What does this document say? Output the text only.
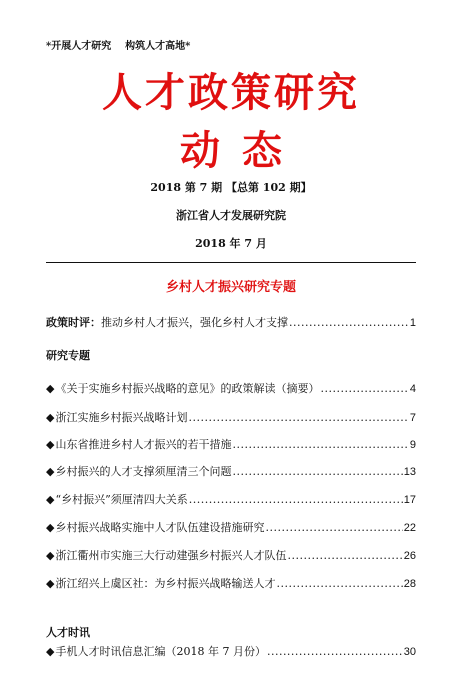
*开展人才研究    构筑人才高地*
人才政策研究
动态
2018 第 7 期 【总第 102 期】
浙江省人才发展研究院
2018 年 7 月
乡村人才振兴研究专题
政策时评： 推动乡村人才振兴，强化乡村人才支撑 .....	1
研究专题
◆ 《关于实施乡村振兴战略的意见》的政策解读（摘要） .....	4
◆ 浙江实施乡村振兴战略计划 .....	7
◆ 山东省推进乡村人才振兴的若干措施 .....	9
◆ 乡村振兴的人才支撑须厘清三个问题 .....	13
◆ “乡村振兴”须厘清四大关系 .....	17
◆ 乡村振兴战略实施中人才队伍建设措施研究 .....	22
◆ 浙江衢州市实施三大行动建强乡村振兴人才队伍 .....	26
◆ 浙江绍兴上虞区社：为乡村振兴战略输送人才 .....	28
人才时讯
◆ 手机人才时讯信息汇编（2018 年 7 月份） .....	30
